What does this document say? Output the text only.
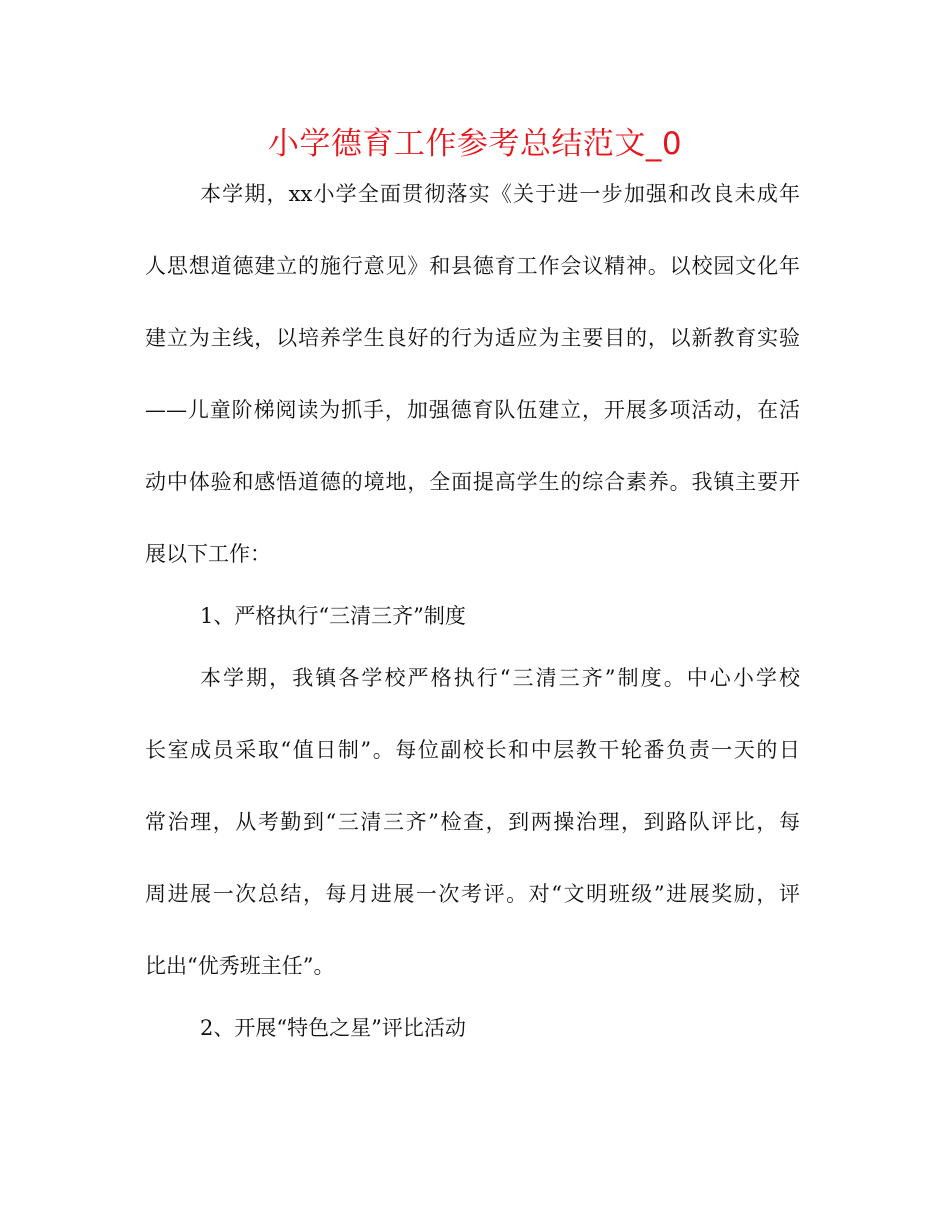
小学德育工作参考总结范文_0
本学期，xx小学全面贯彻落实《关于进一步加强和改良未成年
人思想道德建立的施行意见》和县德育工作会议精神。以校园文化年
建立为主线，以培养学生良好的行为适应为主要目的，以新教育实验
——儿童阶梯阅读为抓手，加强德育队伍建立，开展多项活动，在活
动中体验和感悟道德的境地，全面提高学生的综合素养。我镇主要开
展以下工作：
1、严格执行“三清三齐”制度
本学期，我镇各学校严格执行“三清三齐”制度。中心小学校
长室成员采取“值日制”。每位副校长和中层教干轮番负责一天的日
常治理，从考勤到“三清三齐”检查，到两操治理，到路队评比，每
周进展一次总结，每月进展一次考评。对“文明班级”进展奖励，评
比出“优秀班主任”。
2、开展“特色之星”评比活动
